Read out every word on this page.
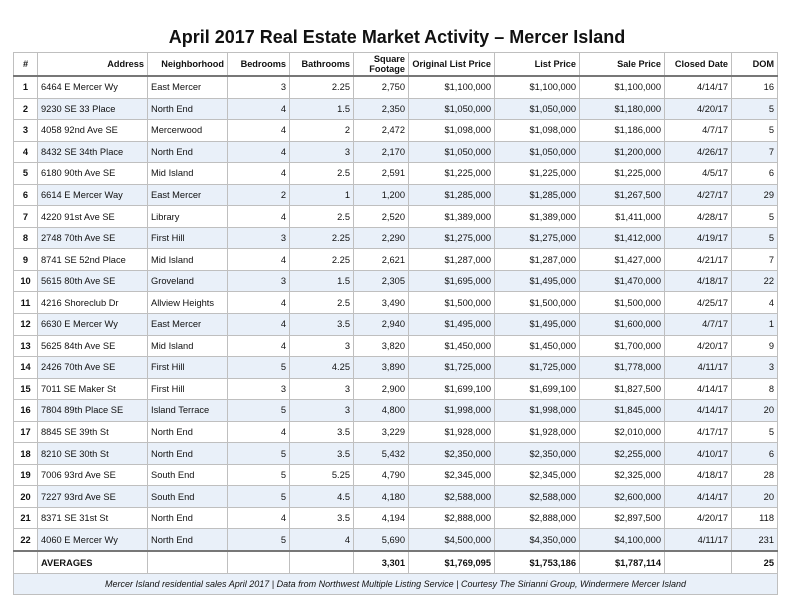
April 2017 Real Estate Market Activity – Mercer Island
#	Address	Neighborhood	Bedrooms	Bathrooms	Square Footage	Original List Price	List Price	Sale Price	Closed Date	DOM
1	6464 E Mercer Wy	East Mercer	3	2.25	2,750	$1,100,000	$1,100,000	$1,100,000	4/14/17	16
2	9230 SE 33 Place	North End	4	1.5	2,350	$1,050,000	$1,050,000	$1,180,000	4/20/17	5
3	4058 92nd Ave SE	Mercerwood	4	2	2,472	$1,098,000	$1,098,000	$1,186,000	4/7/17	5
4	8432 SE 34th Place	North End	4	3	2,170	$1,050,000	$1,050,000	$1,200,000	4/26/17	7
5	6180 90th Ave SE	Mid Island	4	2.5	2,591	$1,225,000	$1,225,000	$1,225,000	4/5/17	6
6	6614 E Mercer Way	East Mercer	2	1	1,200	$1,285,000	$1,285,000	$1,267,500	4/27/17	29
7	4220 91st Ave SE	Library	4	2.5	2,520	$1,389,000	$1,389,000	$1,411,000	4/28/17	5
8	2748 70th Ave SE	First Hill	3	2.25	2,290	$1,275,000	$1,275,000	$1,412,000	4/19/17	5
9	8741 SE 52nd Place	Mid Island	4	2.25	2,621	$1,287,000	$1,287,000	$1,427,000	4/21/17	7
10	5615 80th Ave SE	Groveland	3	1.5	2,305	$1,695,000	$1,495,000	$1,470,000	4/18/17	22
11	4216 Shoreclub Dr	Allview Heights	4	2.5	3,490	$1,500,000	$1,500,000	$1,500,000	4/25/17	4
12	6630 E Mercer Wy	East Mercer	4	3.5	2,940	$1,495,000	$1,495,000	$1,600,000	4/7/17	1
13	5625 84th Ave SE	Mid Island	4	3	3,820	$1,450,000	$1,450,000	$1,700,000	4/20/17	9
14	2426 70th Ave SE	First Hill	5	4.25	3,890	$1,725,000	$1,725,000	$1,778,000	4/11/17	3
15	7011 SE Maker St	First Hill	3	3	2,900	$1,699,100	$1,699,100	$1,827,500	4/14/17	8
16	7804 89th Place SE	Island Terrace	5	3	4,800	$1,998,000	$1,998,000	$1,845,000	4/14/17	20
17	8845 SE 39th St	North End	4	3.5	3,229	$1,928,000	$1,928,000	$2,010,000	4/17/17	5
18	8210 SE 30th St	North End	5	3.5	5,432	$2,350,000	$2,350,000	$2,255,000	4/10/17	6
19	7006 93rd Ave SE	South End	5	5.25	4,790	$2,345,000	$2,345,000	$2,325,000	4/18/17	28
20	7227 93rd Ave SE	South End	5	4.5	4,180	$2,588,000	$2,588,000	$2,600,000	4/14/17	20
21	8371 SE 31st St	North End	4	3.5	4,194	$2,888,000	$2,888,000	$2,897,500	4/20/17	118
22	4060 E Mercer Wy	North End	5	4	5,690	$4,500,000	$4,350,000	$4,100,000	4/11/17	231
	AVERAGES				3,301	$1,769,095	$1,753,186	$1,787,114		25
Mercer Island residential sales April 2017 | Data from Northwest Multiple Listing Service | Courtesy The Sirianni Group, Windermere Mercer Island										
